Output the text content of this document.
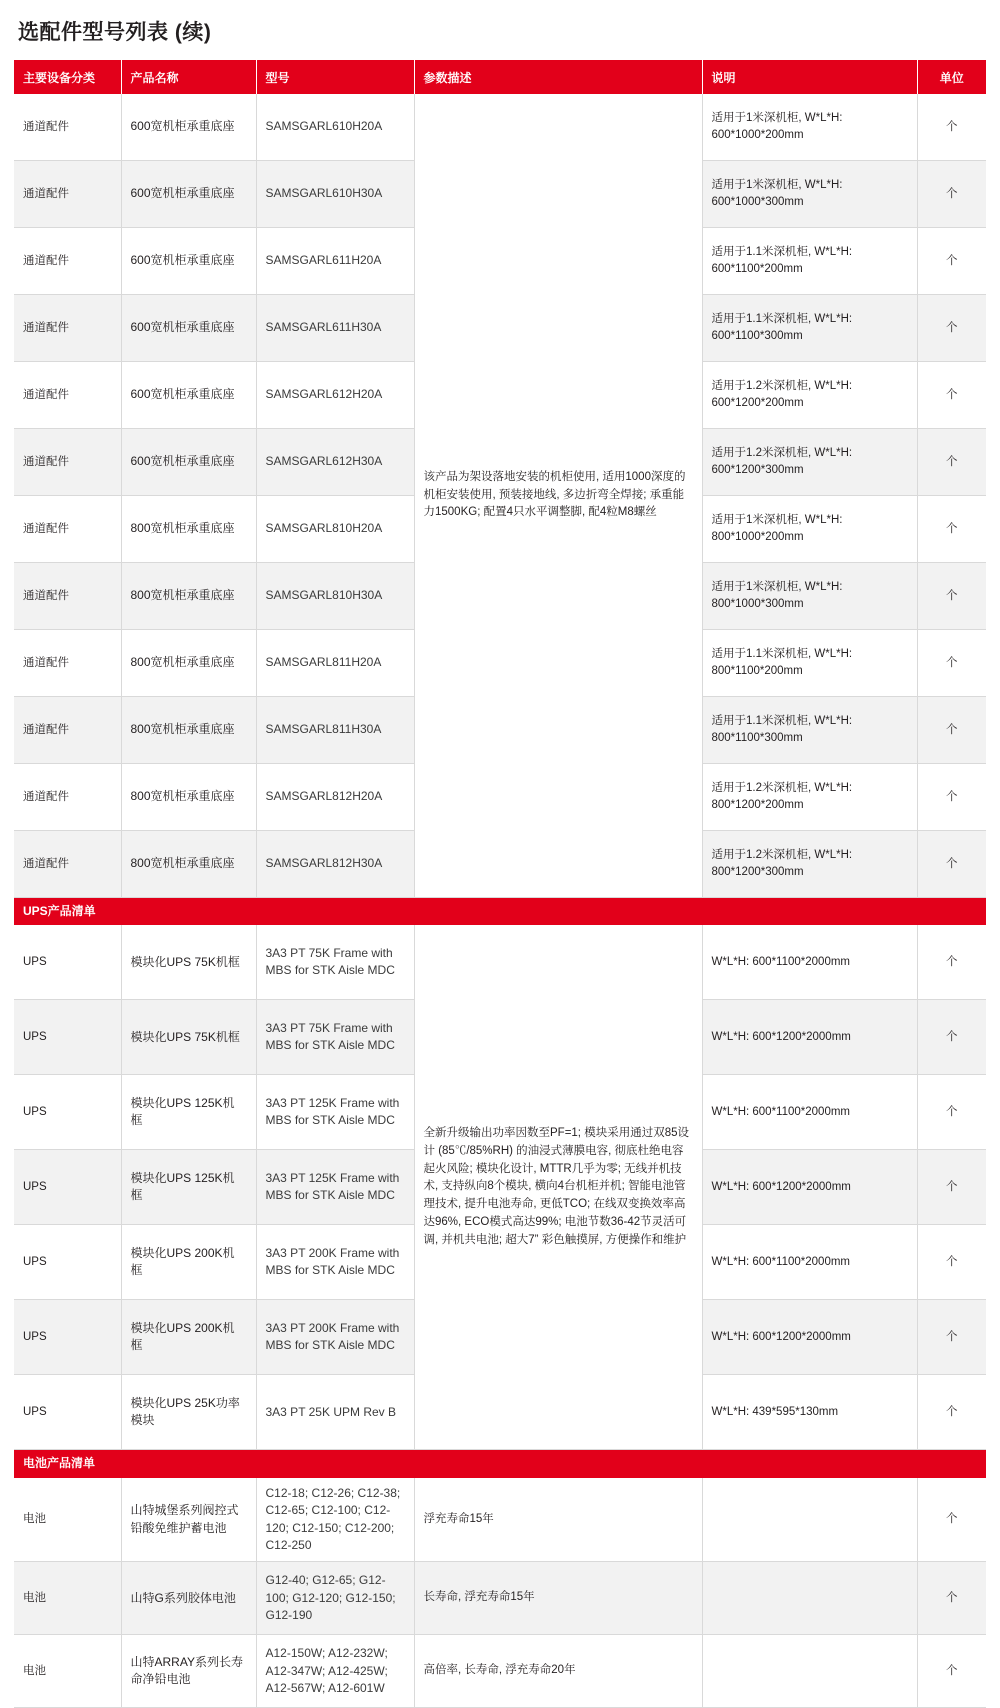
选配件型号列表 (续)
主要设备分类	产品名称	型号	参数描述	说明	单位
通道配件	600宽机柜承重底座	SAMSGARL610H20A	该产品为架设落地安装的机柜使用, 适用1000深度的机柜安装使用, 预装接地线, 多边折弯全焊接; 承重能力1500KG; 配置4只水平调整脚, 配4粒M8螺丝	适用于1米深机柜, W*L*H: 600*1000*200mm	个
通道配件	600宽机柜承重底座	SAMSGARL610H30A		适用于1米深机柜, W*L*H: 600*1000*300mm	个
通道配件	600宽机柜承重底座	SAMSGARL611H20A		适用于1.1米深机柜, W*L*H: 600*1100*200mm	个
通道配件	600宽机柜承重底座	SAMSGARL611H30A		适用于1.1米深机柜, W*L*H: 600*1100*300mm	个
通道配件	600宽机柜承重底座	SAMSGARL612H20A		适用于1.2米深机柜, W*L*H: 600*1200*200mm	个
通道配件	600宽机柜承重底座	SAMSGARL612H30A		适用于1.2米深机柜, W*L*H: 600*1200*300mm	个
通道配件	800宽机柜承重底座	SAMSGARL810H20A		适用于1米深机柜, W*L*H: 800*1000*200mm	个
通道配件	800宽机柜承重底座	SAMSGARL810H30A		适用于1米深机柜, W*L*H: 800*1000*300mm	个
通道配件	800宽机柜承重底座	SAMSGARL811H20A		适用于1.1米深机柜, W*L*H: 800*1100*200mm	个
通道配件	800宽机柜承重底座	SAMSGARL811H30A		适用于1.1米深机柜, W*L*H: 800*1100*300mm	个
通道配件	800宽机柜承重底座	SAMSGARL812H20A		适用于1.2米深机柜, W*L*H: 800*1200*200mm	个
通道配件	800宽机柜承重底座	SAMSGARL812H30A		适用于1.2米深机柜, W*L*H: 800*1200*300mm	个
UPS产品清单					
UPS	模块化UPS 75K机框	3A3 PT 75K Frame with MBS for STK Aisle MDC	全新升级输出功率因数至PF=1; 模块采用通过双85设计 (85℃/85%RH) 的油浸式薄膜电容, 彻底杜绝电容起火风险; 模块化设计, MTTR几乎为零; 无线并机技术, 支持纵向8个模块, 横向4台机柜并机; 智能电池管理技术, 提升电池寿命, 更低TCO; 在线双变换效率高达96%, ECO模式高达99%; 电池节数36-42节灵活可调, 并机共电池; 超大7” 彩色触摸屏, 方便操作和维护	W*L*H: 600*1100*2000mm	个
UPS	模块化UPS 75K机框	3A3 PT 75K Frame with MBS for STK Aisle MDC		W*L*H: 600*1200*2000mm	个
UPS	模块化UPS 125K机框	3A3 PT 125K Frame with MBS for STK Aisle MDC		W*L*H: 600*1100*2000mm	个
UPS	模块化UPS 125K机框	3A3 PT 125K Frame with MBS for STK Aisle MDC		W*L*H: 600*1200*2000mm	个
UPS	模块化UPS 200K机框	3A3 PT 200K Frame with MBS for STK Aisle MDC		W*L*H: 600*1100*2000mm	个
UPS	模块化UPS 200K机框	3A3 PT 200K Frame with MBS for STK Aisle MDC		W*L*H: 600*1200*2000mm	个
UPS	模块化UPS 25K功率模块	3A3 PT 25K UPM Rev B		W*L*H: 439*595*130mm	个
电池产品清单					
电池	山特城堡系列阀控式铅酸免维护蓄电池	C12-18; C12-26; C12-38; C12-65; C12-100; C12-120; C12-150; C12-200; C12-250	浮充寿命15年		个
电池	山特G系列胶体电池	G12-40; G12-65; G12-100; G12-120; G12-150; G12-190	长寿命, 浮充寿命15年		个
电池	山特ARRAY系列长寿命净铅电池	A12-150W; A12-232W; A12-347W; A12-425W; A12-567W; A12-601W	高倍率, 长寿命, 浮充寿命20年		个
